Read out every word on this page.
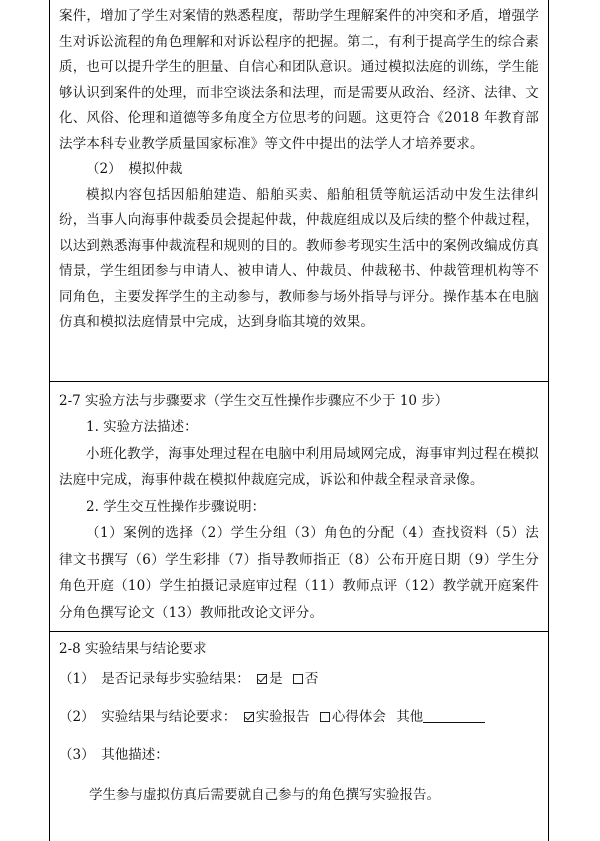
案件，增加了学生对案情的熟悉程度，帮助学生理解案件的冲突和矛盾，增强学生对诉讼流程的角色理解和对诉讼程序的把握。第二，有利于提高学生的综合素质，也可以提升学生的胆量、自信心和团队意识。通过模拟法庭的训练，学生能够认识到案件的处理，而非空谈法条和法理，而是需要从政治、经济、法律、文化、风俗、伦理和道德等多角度全方位思考的问题。这更符合《2018 年教育部法学本科专业教学质量国家标准》等文件中提出的法学人才培养要求。

（2）　模拟仲裁

模拟内容包括因船舶建造、船舶买卖、船舶租赁等航运活动中发生法律纠纷，当事人向海事仲裁委员会提起仲裁，仲裁庭组成以及后续的整个仲裁过程，以达到熟悉海事仲裁流程和规则的目的。教师参考现实生活中的案例改编成仿真情景，学生组团参与申请人、被申请人、仲裁员、仲裁秘书、仲裁管理机构等不同角色，主要发挥学生的主动参与，教师参与场外指导与评分。操作基本在电脑仿真和模拟法庭情景中完成，达到身临其境的效果。

2-7 实验方法与步骤要求（学生交互性操作步骤应不少于 10 步）

1. 实验方法描述：

小班化教学，海事处理过程在电脑中利用局域网完成，海事审判过程在模拟法庭中完成，海事仲裁在模拟仲裁庭完成，诉讼和仲裁全程录音录像。

2. 学生交互性操作步骤说明：

（1）案例的选择（2）学生分组（3）角色的分配（4）查找资料（5）法律文书撰写（6）学生彩排（7）指导教师指正（8）公布开庭日期（9）学生分角色开庭（10）学生拍摄记录庭审过程（11）教师点评（12）教学就开庭案件分角色撰写论文（13）教师批改论文评分。

2-8 实验结果与结论要求

（1） 是否记录每步实验结果： 是 否

（2） 实验结果与结论要求： 实验报告 心得体会 其他

（3） 其他描述：

学生参与虚拟仿真后需要就自己参与的角色撰写实验报告。
